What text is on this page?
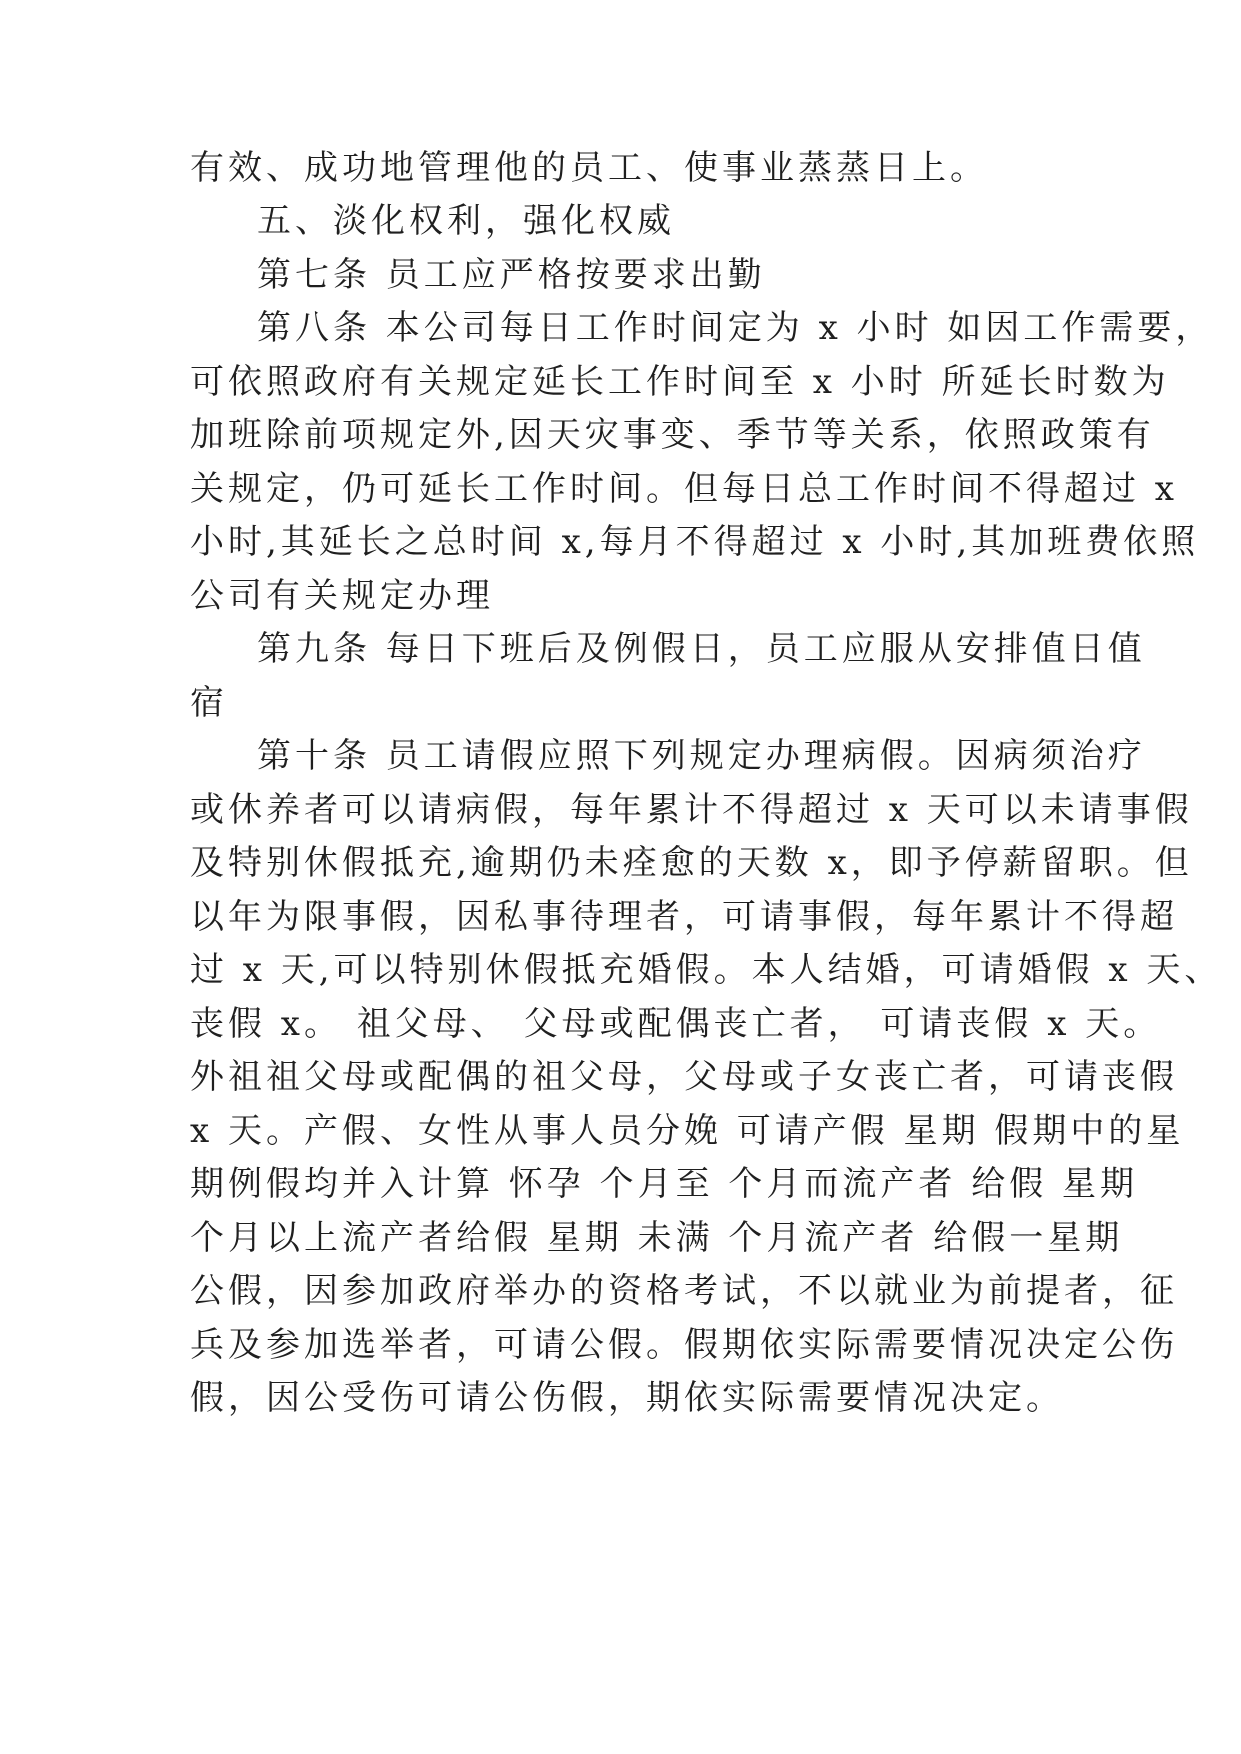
有效、成功地管理他的员工、使事业蒸蒸日上。
五、淡化权利，强化权威
第七条 员工应严格按要求出勤
第八条 本公司每日工作时间定为 x 小时 如因工作需要，
可依照政府有关规定延长工作时间至 x 小时 所延长时数为
加班除前项规定外,因天灾事变、季节等关系，依照政策有
关规定，仍可延长工作时间。但每日总工作时间不得超过 x
小时,其延长之总时间 x,每月不得超过 x 小时,其加班费依照
公司有关规定办理
第九条 每日下班后及例假日，员工应服从安排值日值
宿
第十条 员工请假应照下列规定办理病假。因病须治疗
或休养者可以请病假，每年累计不得超过 x 天可以未请事假
及特别休假抵充,逾期仍未痊愈的天数 x，即予停薪留职。但
以年为限事假，因私事待理者，可请事假，每年累计不得超
过 x 天,可以特别休假抵充婚假。本人结婚，可请婚假 x 天、
丧假 x。 祖父母、 父母或配偶丧亡者， 可请丧假 x 天。
外祖祖父母或配偶的祖父母，父母或子女丧亡者，可请丧假
x 天。产假、女性从事人员分娩 可请产假 星期 假期中的星
期例假均并入计算 怀孕 个月至 个月而流产者 给假 星期
个月以上流产者给假 星期 未满 个月流产者 给假一星期
公假，因参加政府举办的资格考试，不以就业为前提者，征
兵及参加选举者，可请公假。假期依实际需要情况决定公伤
假，因公受伤可请公伤假，期依实际需要情况决定。
